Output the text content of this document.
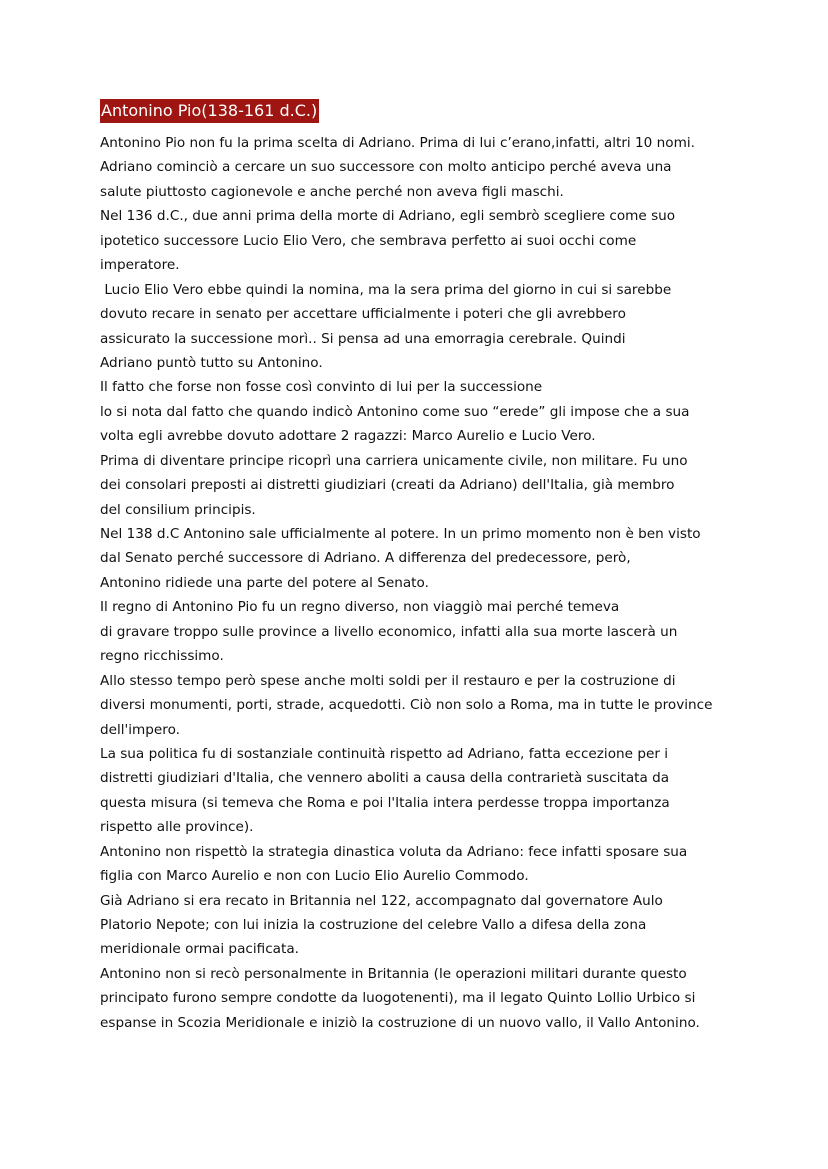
Antonino Pio(138-161 d.C.)
Antonino Pio non fu la prima scelta di Adriano. Prima di lui c’erano,infatti, altri 10 nomi.
Adriano cominciò a cercare un suo successore con molto anticipo perché aveva una
salute piuttosto cagionevole e anche perché non aveva figli maschi.
Nel 136 d.C., due anni prima della morte di Adriano, egli sembrò scegliere come suo
ipotetico successore Lucio Elio Vero, che sembrava perfetto ai suoi occhi come
imperatore.
Lucio Elio Vero ebbe quindi la nomina, ma la sera prima del giorno in cui si sarebbe
dovuto recare in senato per accettare ufficialmente i poteri che gli avrebbero
assicurato la successione morì.. Si pensa ad una emorragia cerebrale. Quindi
Adriano puntò tutto su Antonino.
Il fatto che forse non fosse così convinto di lui per la successione
lo si nota dal fatto che quando indicò Antonino come suo “erede” gli impose che a sua
volta egli avrebbe dovuto adottare 2 ragazzi: Marco Aurelio e Lucio Vero.
Prima di diventare principe ricoprì una carriera unicamente civile, non militare. Fu uno
dei consolari preposti ai distretti giudiziari (creati da Adriano) dell'Italia, già membro
del consilium principis.
Nel 138 d.C Antonino sale ufficialmente al potere. In un primo momento non è ben visto
dal Senato perché successore di Adriano. A differenza del predecessore, però,
Antonino ridiede una parte del potere al Senato.
Il regno di Antonino Pio fu un regno diverso, non viaggiò mai perché temeva
di gravare troppo sulle province a livello economico, infatti alla sua morte lascerà un
regno ricchissimo.
Allo stesso tempo però spese anche molti soldi per il restauro e per la costruzione di
diversi monumenti, porti, strade, acquedotti. Ciò non solo a Roma, ma in tutte le province
dell'impero.
La sua politica fu di sostanziale continuità rispetto ad Adriano, fatta eccezione per i
distretti giudiziari d'Italia, che vennero aboliti a causa della contrarietà suscitata da
questa misura (si temeva che Roma e poi l'Italia intera perdesse troppa importanza
rispetto alle province).
Antonino non rispettò la strategia dinastica voluta da Adriano: fece infatti sposare sua
figlia con Marco Aurelio e non con Lucio Elio Aurelio Commodo.
Già Adriano si era recato in Britannia nel 122, accompagnato dal governatore Aulo
Platorio Nepote; con lui inizia la costruzione del celebre Vallo a difesa della zona
meridionale ormai pacificata.
Antonino non si recò personalmente in Britannia (le operazioni militari durante questo
principato furono sempre condotte da luogotenenti), ma il legato Quinto Lollio Urbico si
espanse in Scozia Meridionale e iniziò la costruzione di un nuovo vallo, il Vallo Antonino.
